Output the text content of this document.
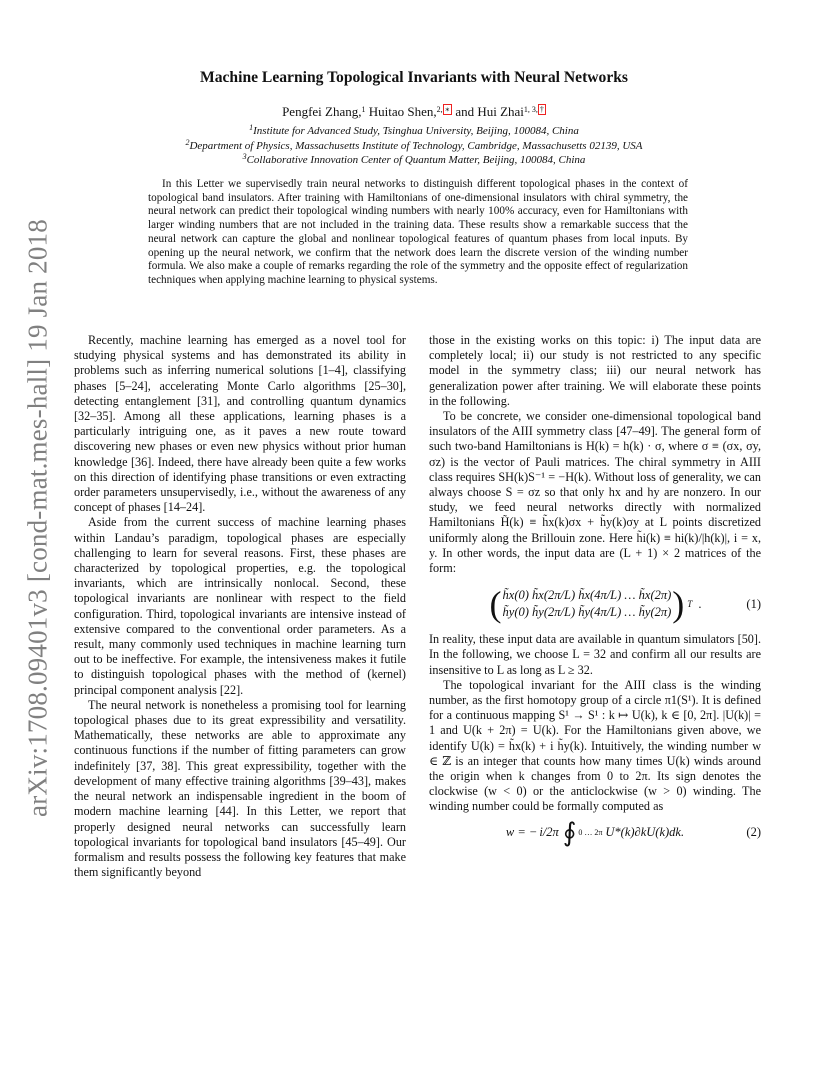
arXiv:1708.09401v3 [cond-mat.mes-hall] 19 Jan 2018
Machine Learning Topological Invariants with Neural Networks
Pengfei Zhang,$^1$ Huitao Shen,$^{2, ∗}$ and Hui Zhai$^{1, 3, \dagger}$
$^1$Institute for Advanced Study, Tsinghua University, Beijing, 100084, China
$^2$Department of Physics, Massachusetts Institute of Technology, Cambridge, Massachusetts 02139, USA
$^3$Collaborative Innovation Center of Quantum Matter, Beijing, 100084, China
In this Letter we supervisedly train neural networks to distinguish different topological phases in the context of topological band insulators. After training with Hamiltonians of one-dimensional insulators with chiral symmetry, the neural network can predict their topological winding numbers with nearly 100% accuracy, even for Hamiltonians with larger winding numbers that are not included in the training data. These results show a remarkable success that the neural network can capture the global and nonlinear topological features of quantum phases from local inputs. By opening up the neural network, we confirm that the network does learn the discrete version of the winding number formula. We also make a couple of remarks regarding the role of the symmetry and the opposite effect of regularization techniques when applying machine learning to physical systems.

Recently, machine learning has emerged as a novel tool for studying physical systems and has demonstrated its ability in problems such as inferring numerical solutions [1–4], classifying phases [5–24], accelerating Monte Carlo algorithms [25–30], detecting entanglement [31], and controlling quantum dynamics [32–35]. Among all these applications, learning phases is a particularly intriguing one, as it paves a new route toward discovering new phases or even new physics without prior human knowledge [36]. Indeed, there have already been quite a few works on this direction of identifying phase transitions or even extracting order parameters unsupervisedly, i.e., without the awareness of any concept of phases [14–24].

Aside from the current success of machine learning phases within Landau’s paradigm, topological phases are especially challenging to learn for several reasons. First, these phases are characterized by topological properties, e.g. the topological invariants, which are intrinsically nonlocal. Second, these topological invariants are nonlinear with respect to the field configuration. Third, topological invariants are intensive instead of extensive compared to the conventional order parameters. As a result, many commonly used techniques in machine learning turn out to be ineffective. For example, the intensiveness makes it futile to distinguish topological phases with the method of (kernel) principal component analysis [22].

The neural network is nonetheless a promising tool for learning topological phases due to its great expressibility and versatility. Mathematically, these networks are able to approximate any continuous functions if the number of fitting parameters can grow indefinitely [37, 38]. This great expressibility, together with the development of many effective training algorithms [39–43], makes the neural network an indispensable ingredient in the boom of modern machine learning [44]. In this Letter, we report that properly designed neural networks can successfully learn topological invariants for topological band insulators [45–49]. Our formalism and results possess the following key features that make them significantly beyond

those in the existing works on this topic: i) The input data are completely local; ii) our study is not restricted to any specific model in the symmetry class; iii) our neural network has generalization power after training. We will elaborate these points in the following.

To be concrete, we consider one-dimensional topological band insulators of the AIII symmetry class [47–49]. The general form of such two-band Hamiltonians is H(k) = h(k) · σ, where σ ≡ (σx, σy, σz) is the vector of Pauli matrices. The chiral symmetry in AIII class requires SH(k)S⁻¹ = −H(k). Without loss of generality, we can always choose S = σz so that only hx and hy are nonzero. In our study, we feed neural networks directly with normalized Hamiltonians H̃(k) ≡ h̃x(k)σx + h̃y(k)σy at L points discretized uniformly along the Brillouin zone. Here h̃i(k) ≡ hi(k)/|h(k)|, i = x, y. In other words, the input data are (L + 1) × 2 matrices of the form:

( h̃x(0) h̃x(2π/L) h̃x(4π/L) … h̃x(2π)
h̃y(0) h̃y(2π/L) h̃y(4π/L) … h̃y(2π) ) T .	(1)

In reality, these input data are available in quantum simulators [50]. In the following, we choose L = 32 and confirm all our results are insensitive to L as long as L ≥ 32.

The topological invariant for the AIII class is the winding number, as the first homotopy group of a circle π1(S¹). It is defined for a continuous mapping S¹ → S¹ : k ↦ U(k), k ∈ [0, 2π]. |U(k)| = 1 and U(k + 2π) = U(k). For the Hamiltonians given above, we identify U(k) = h̃x(k) + i h̃y(k). Intuitively, the winding number w ∈ ℤ is an integer that counts how many times U(k) winds around the origin when k changes from 0 to 2π. Its sign denotes the clockwise (w < 0) or the anticlockwise (w > 0) winding. The winding number could be formally computed as

w = − i/2π ∮ 0 … 2π U*(k)∂kU(k)dk.	(2)
